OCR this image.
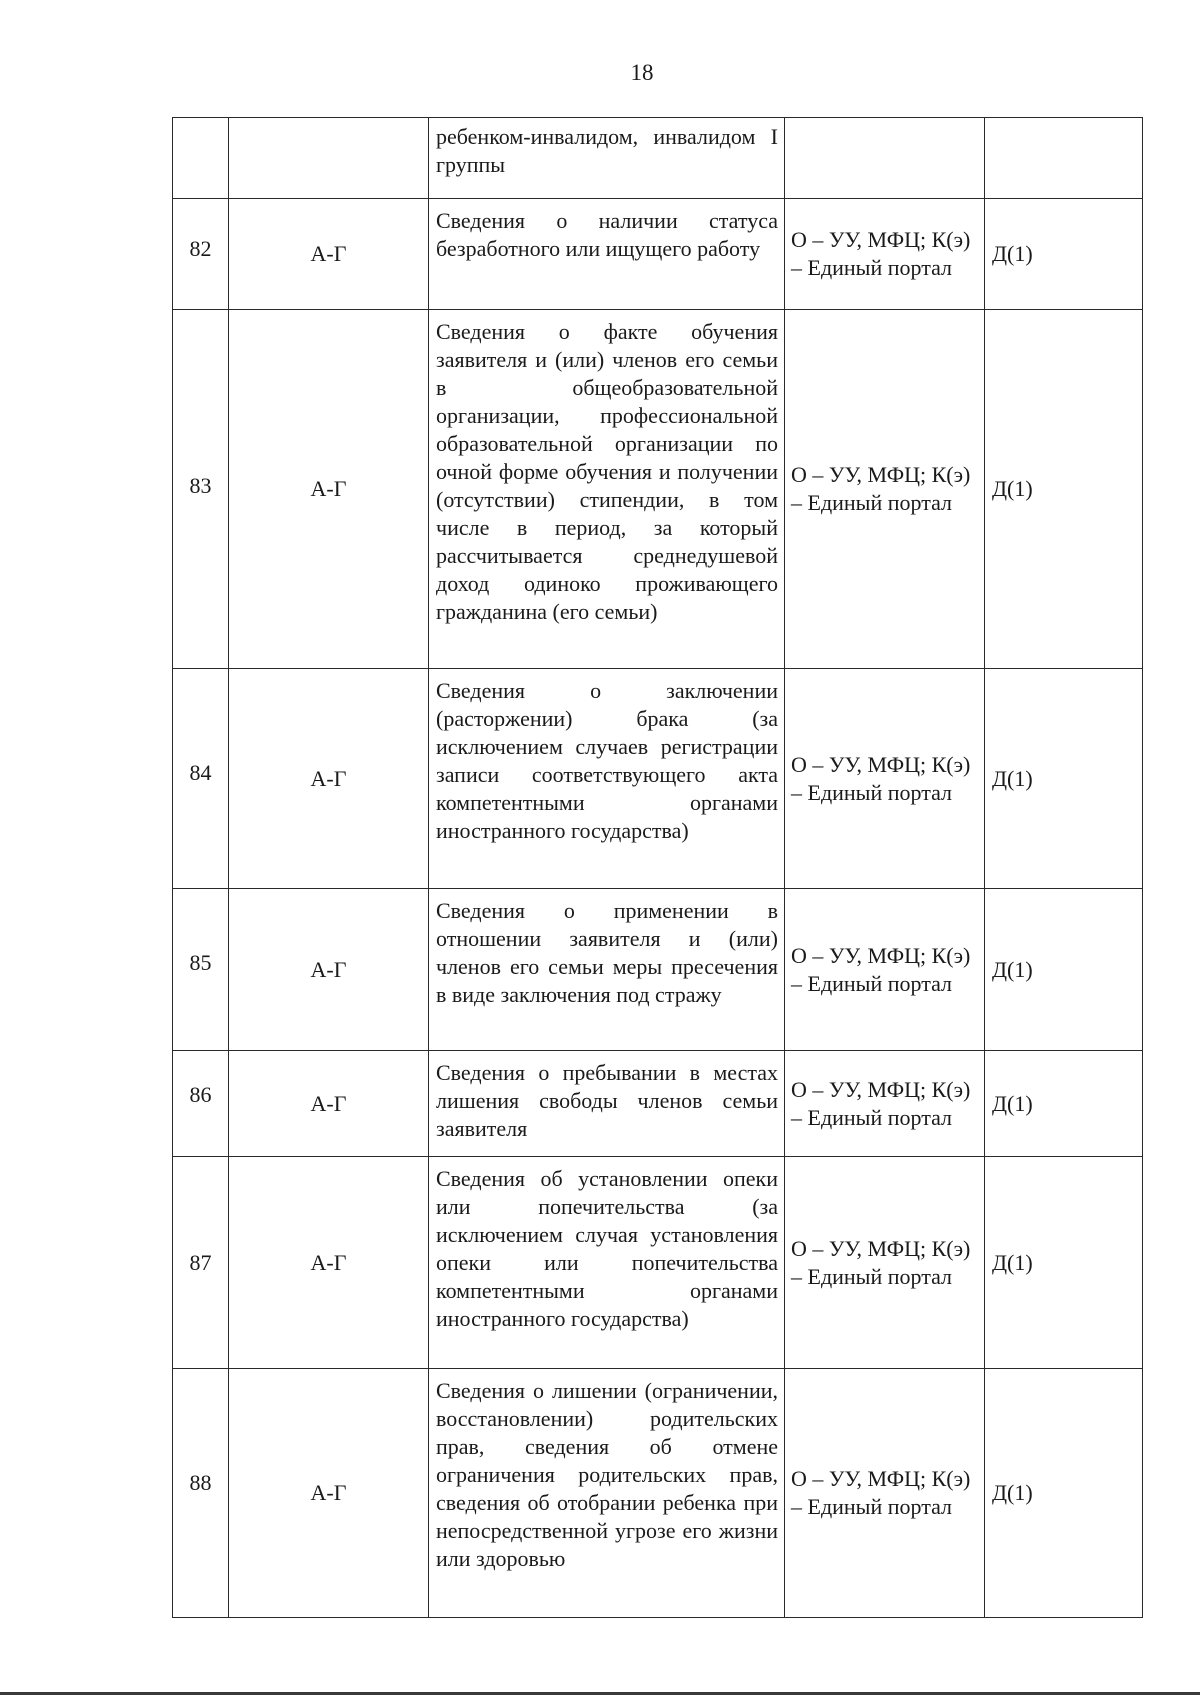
18

		ребенком-инвалидом, инвалидом I группы		

82	А-Г	Сведения о наличии статуса безработного или ищущего работу	О – УУ, МФЦ; К(э) – Единый портал	Д(1)
83	А-Г	Сведения о факте обучения заявителя и (или) членов его семьи в общеобразовательной организации, профессиональной образовательной организации по очной форме обучения и получении (отсутствии) стипендии, в том числе в период, за который рассчитывается среднедушевой доход одиноко проживающего гражданина (его семьи)	О – УУ, МФЦ; К(э) – Единый портал	Д(1)
84	А-Г	Сведения о заключении (расторжении) брака (за исключением случаев регистрации записи соответствующего акта компетентными органами иностранного государства)	О – УУ, МФЦ; К(э) – Единый портал	Д(1)
85	А-Г	Сведения о применении в отношении заявителя и (или) членов его семьи меры пресечения в виде заключения под стражу	О – УУ, МФЦ; К(э) – Единый портал	Д(1)
86	А-Г	Сведения о пребывании в местах лишения свободы членов семьи заявителя	О – УУ, МФЦ; К(э) – Единый портал	Д(1)
87	А-Г	Сведения об установлении опеки или попечительства (за исключением случая установления опеки или попечительства компетентными органами иностранного государства)	О – УУ, МФЦ; К(э) – Единый портал	Д(1)
88	А-Г	Сведения о лишении (ограничении, восстановлении) родительских прав, сведения об отмене ограничения родительских прав, сведения об отобрании ребенка при непосредственной угрозе его жизни или здоровью	О – УУ, МФЦ; К(э) – Единый портал	Д(1)
